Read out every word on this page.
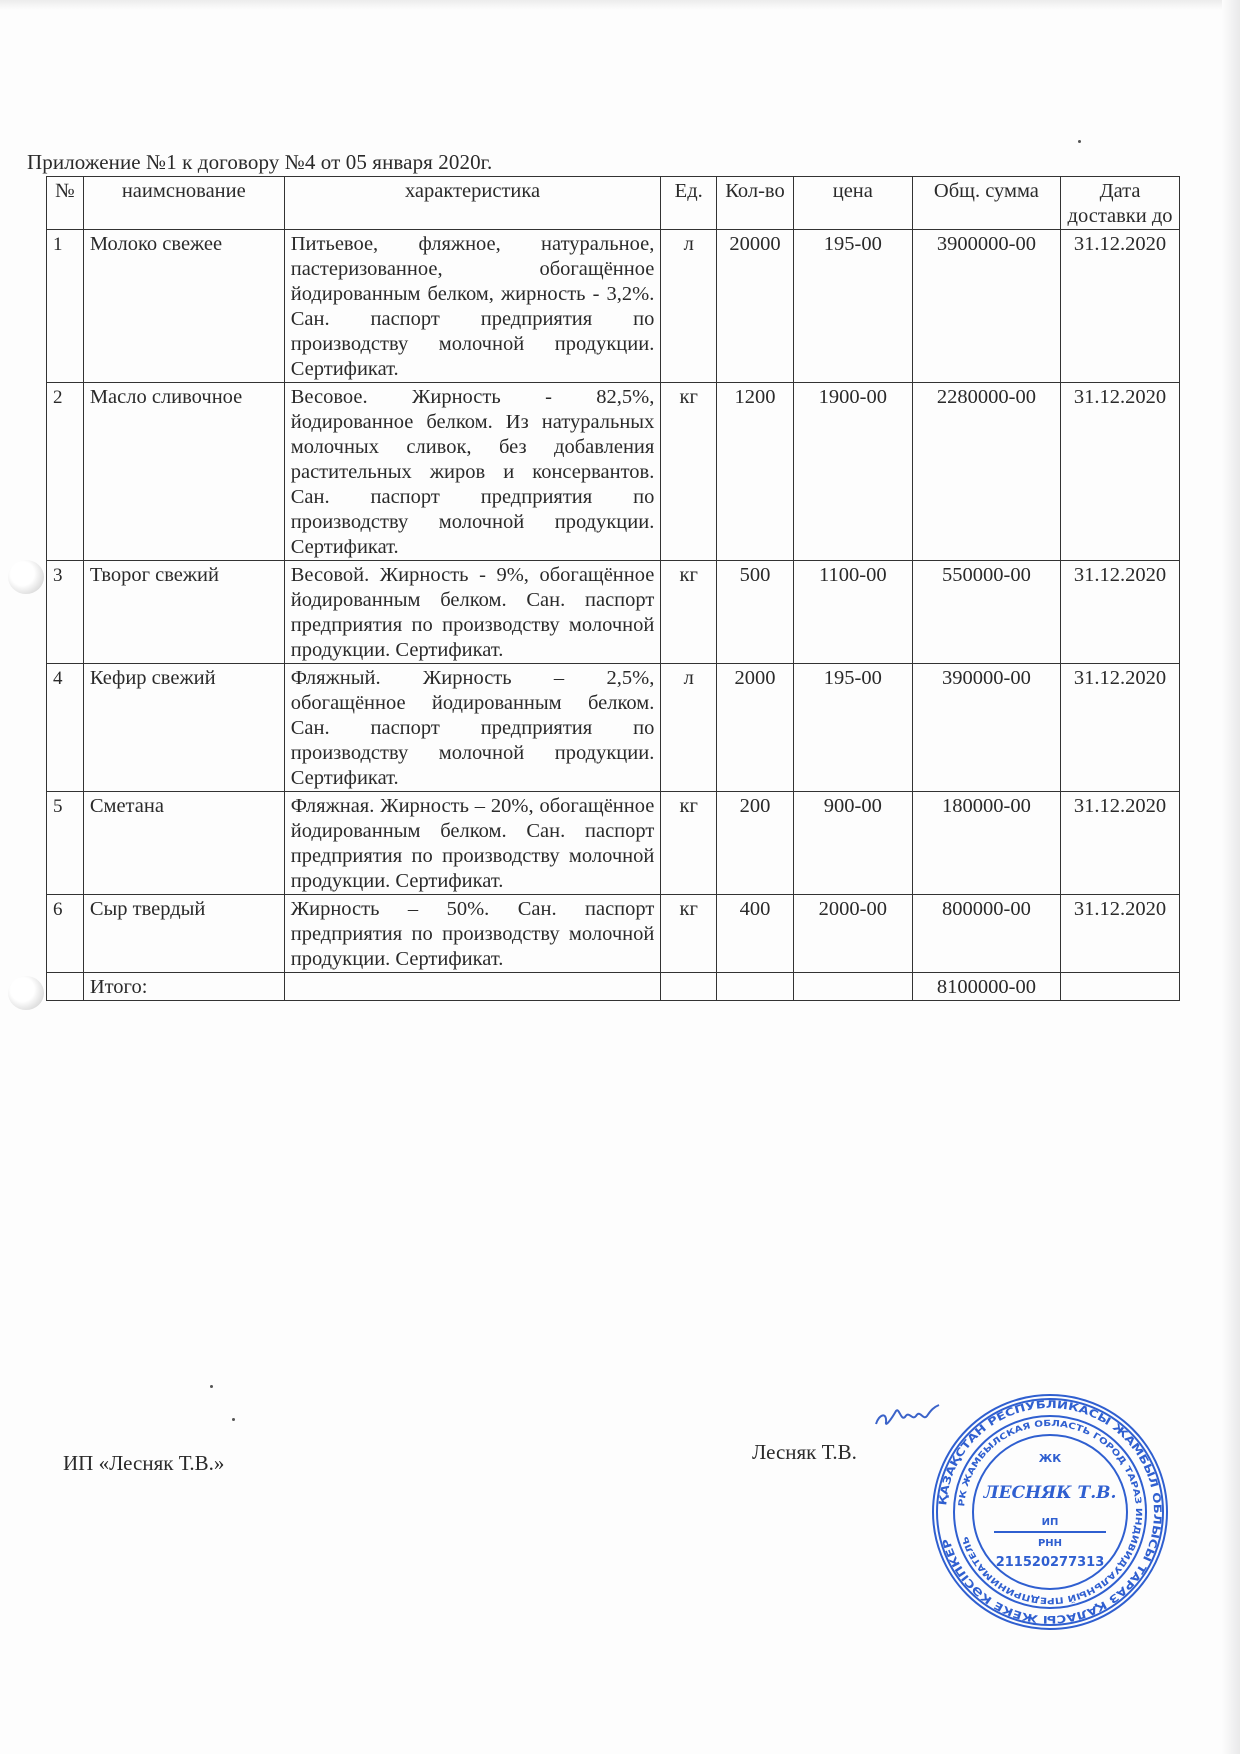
Приложение №1 к договору №4 от 05 января 2020г.
№	наимснование	характеристика	Ед.	Кол-во	цена	Общ. сумма	Дата доставки до
1	Молоко свежее	Питьевое, фляжное, натуральное, пастеризованное, обогащённое йодированным белком, жирность - 3,2%. Сан. паспорт предприятия по производству молочной продукции. Сертификат.	л	20000	195-00	3900000-00	31.12.2020
2	Масло сливочное	Весовое. Жирность - 82,5%, йодированное белком. Из натуральных молочных сливок, без добавления растительных жиров и консервантов. Сан. паспорт предприятия по производству молочной продукции. Сертификат.	кг	1200	1900-00	2280000-00	31.12.2020
3	Творог свежий	Весовой. Жирность - 9%, обогащённое йодированным белком. Сан. паспорт предприятия по производству молочной продукции. Сертификат.	кг	500	1100-00	550000-00	31.12.2020
4	Кефир свежий	Фляжный. Жирность – 2,5%, обогащённое йодированным белком. Сан. паспорт предприятия по производству молочной продукции. Сертификат.	л	2000	195-00	390000-00	31.12.2020
5	Сметана	Фляжная. Жирность – 20%, обогащённое йодированным белком. Сан. паспорт предприятия по производству молочной продукции. Сертификат.	кг	200	900-00	180000-00	31.12.2020
6	Сыр твердый	Жирность – 50%. Сан. паспорт предприятия по производству молочной продукции. Сертификат.	кг	400	2000-00	800000-00	31.12.2020
	Итого:					8100000-00	
ИП «Лесняк Т.В.»	Лесняк Т.В.
ҚАЗАҚСТАН РЕСПУБЛИКАСЫ ЖАМБЫЛ ОБЛЫСЫ ТАРАЗ ҚАЛАСЫ ЖЕКЕ КӘСІПКЕР
РК ЖАМБЫЛСКАЯ ОБЛАСТЬ ГОРОД ТАРАЗ ИНДИВИДУАЛЬНЫЙ ПРЕДПРИНИМАТЕЛЬ
ЖК
ЛЕСНЯК Т.В.
ИП
РНН
211520277313
